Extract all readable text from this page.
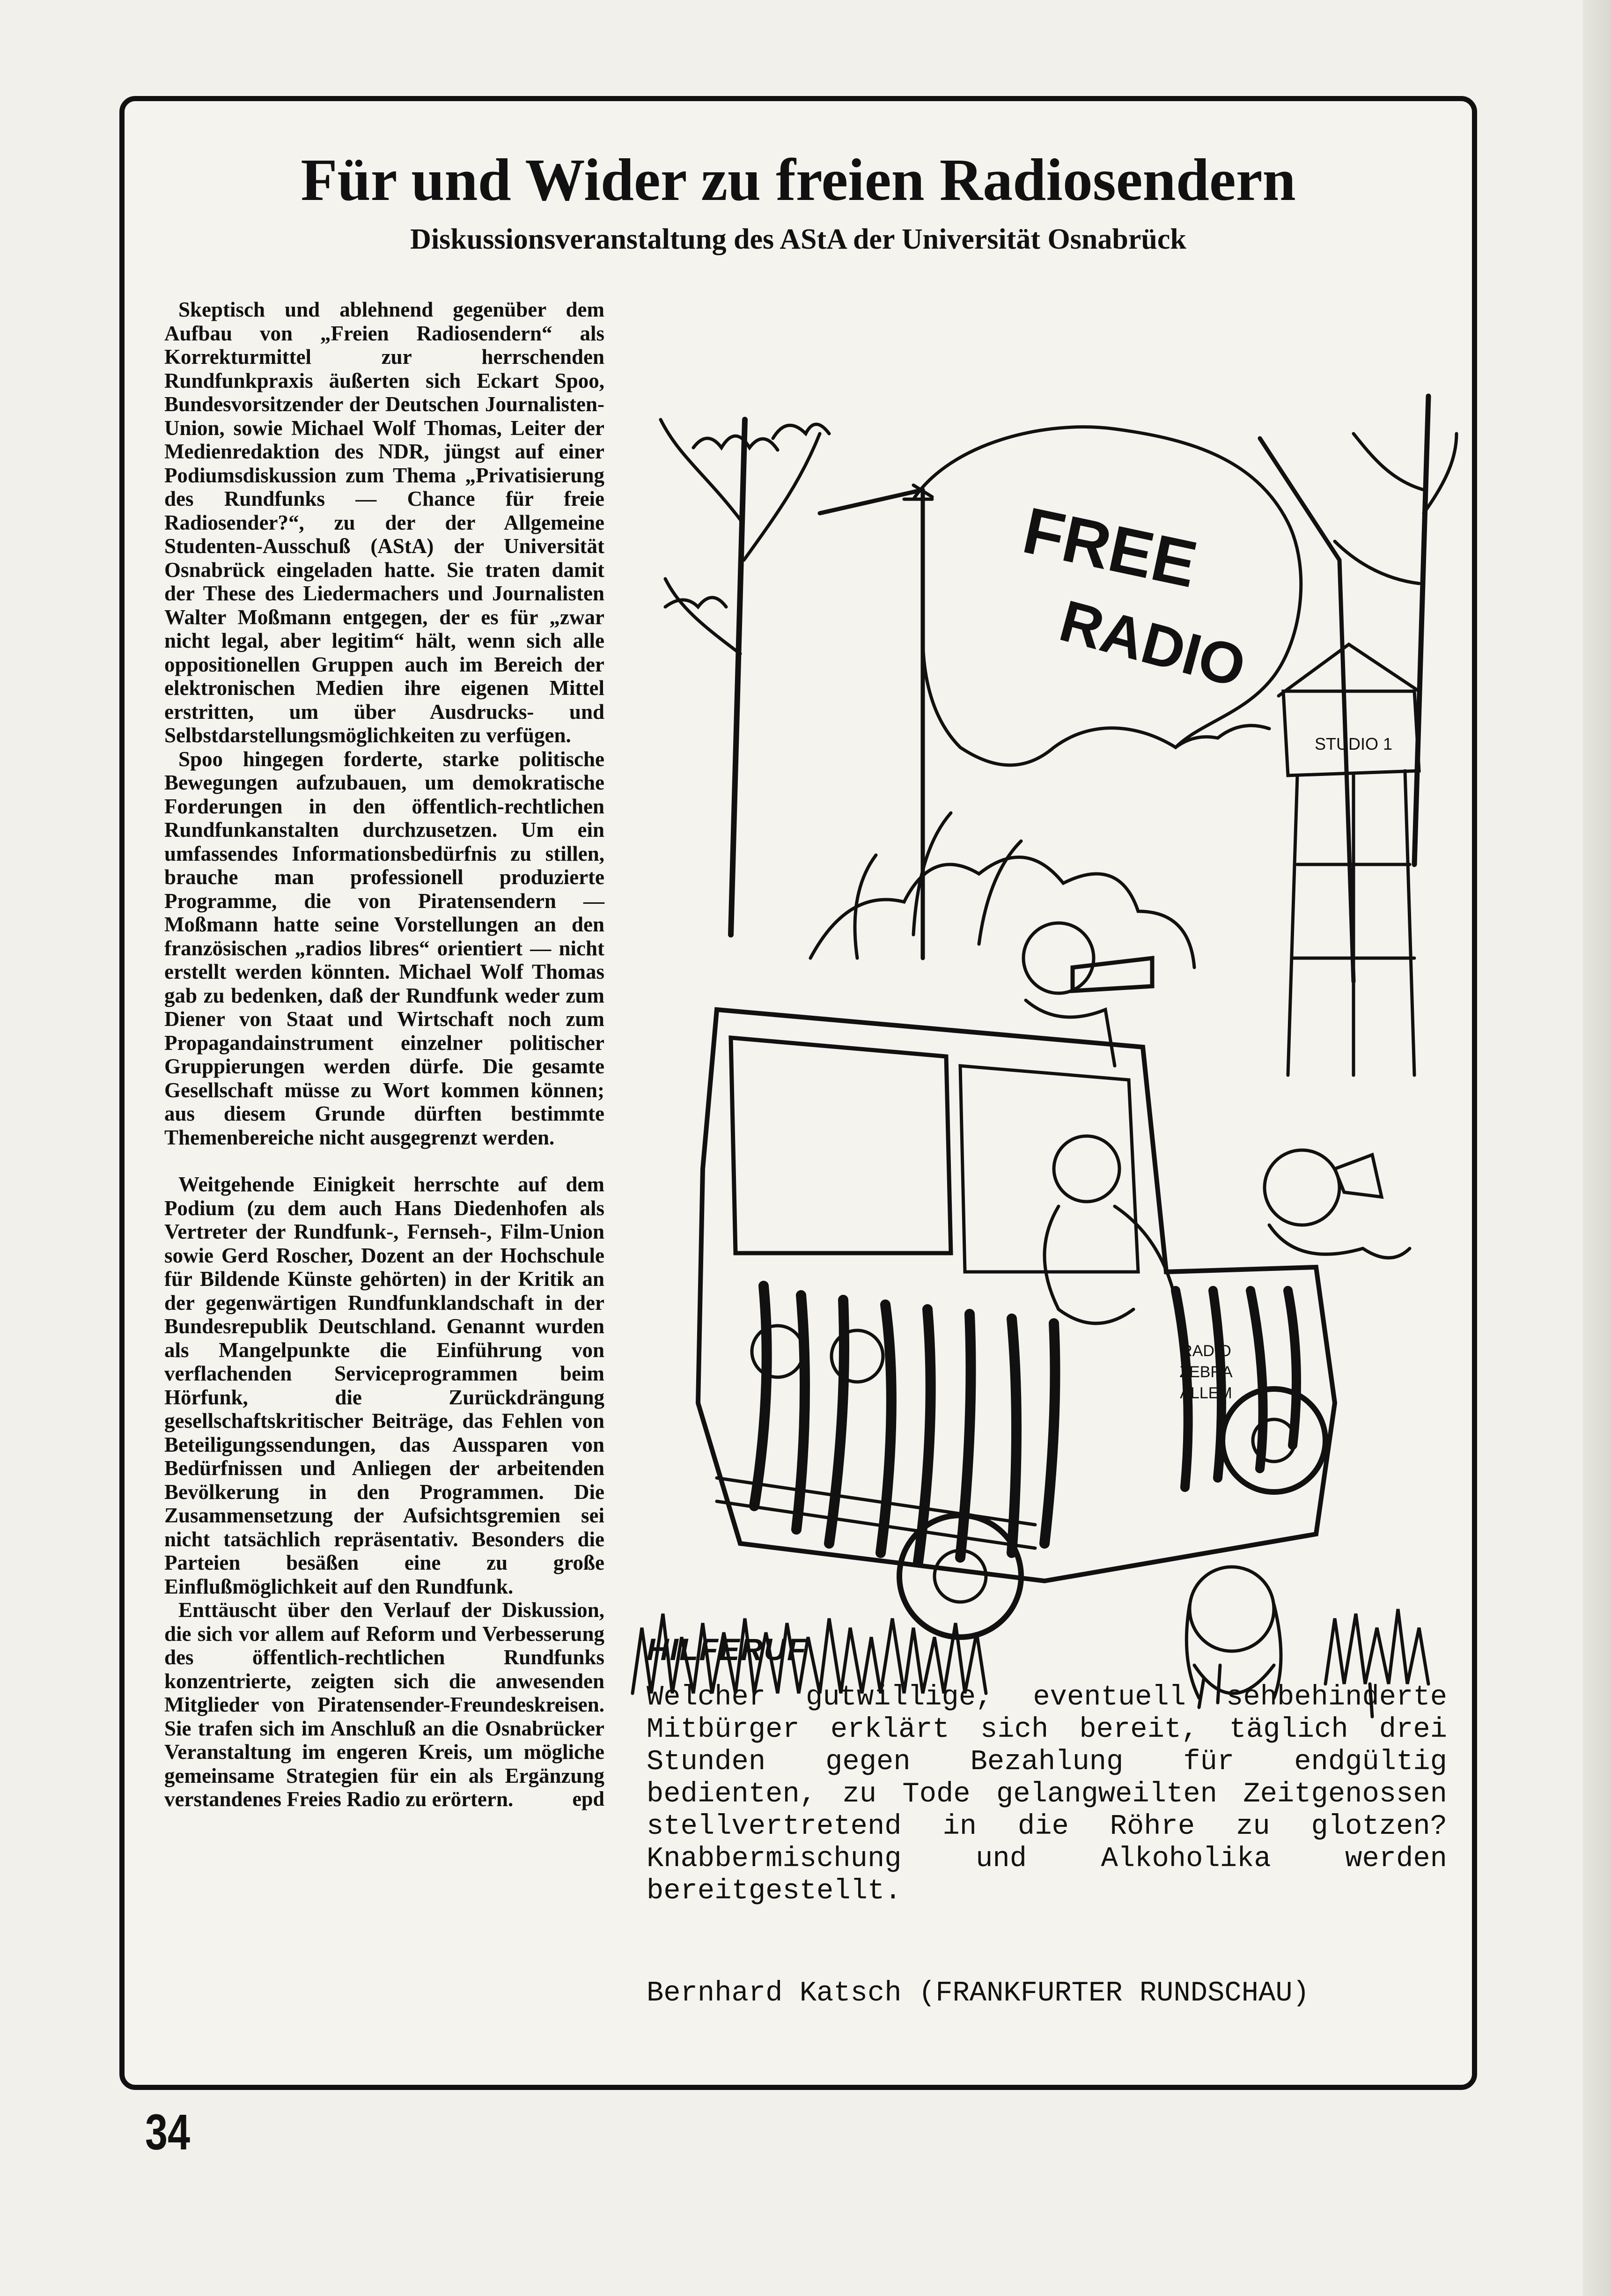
Für und Wider zu freien Radiosendern
Diskussionsveranstaltung des AStA der Universität Osnabrück

Skeptisch und ablehnend gegenüber dem Aufbau von „Freien Radiosendern“ als Korrekturmittel zur herrschenden Rundfunkpraxis äußerten sich Eckart Spoo, Bundesvorsitzender der Deutschen Journalisten-Union, sowie Michael Wolf Thomas, Leiter der Medienredaktion des NDR, jüngst auf einer Podiumsdiskussion zum Thema „Privatisierung des Rundfunks — Chance für freie Radiosender?“, zu der der Allgemeine Studenten-Ausschuß (AStA) der Universität Osnabrück eingeladen hatte. Sie traten damit der These des Liedermachers und Journalisten Walter Moßmann entgegen, der es für „zwar nicht legal, aber legitim“ hält, wenn sich alle oppositionellen Gruppen auch im Bereich der elektronischen Medien ihre eigenen Mittel erstritten, um über Ausdrucks- und Selbstdarstellungsmöglichkeiten zu verfügen.

Spoo hingegen forderte, starke politische Bewegungen aufzubauen, um demokratische Forderungen in den öffentlich-rechtlichen Rundfunkanstalten durchzusetzen. Um ein umfassendes Informationsbedürfnis zu stillen, brauche man professionell produzierte Programme, die von Piratensendern — Moßmann hatte seine Vorstellungen an den französischen „radios libres“ orientiert — nicht erstellt werden könnten. Michael Wolf Thomas gab zu bedenken, daß der Rundfunk weder zum Diener von Staat und Wirtschaft noch zum Propagandainstrument einzelner politischer Gruppierungen werden dürfe. Die gesamte Gesellschaft müsse zu Wort kommen können; aus diesem Grunde dürften bestimmte Themenbereiche nicht ausgegrenzt werden.

Weitgehende Einigkeit herrschte auf dem Podium (zu dem auch Hans Diedenhofen als Vertreter der Rundfunk-, Fernseh-, Film-Union sowie Gerd Roscher, Dozent an der Hochschule für Bildende Künste gehörten) in der Kritik an der gegenwärtigen Rundfunklandschaft in der Bundesrepublik Deutschland. Genannt wurden als Mangelpunkte die Einführung von verflachenden Serviceprogrammen beim Hörfunk, die Zurückdrängung gesellschaftskritischer Beiträge, das Fehlen von Beteiligungssendungen, das Aussparen von Bedürfnissen und Anliegen der arbeitenden Bevölkerung in den Programmen. Die Zusammensetzung der Aufsichtsgremien sei nicht tatsächlich repräsentativ. Besonders die Parteien besäßen eine zu große Einflußmöglichkeit auf den Rundfunk.

Enttäuscht über den Verlauf der Diskussion, die sich vor allem auf Reform und Verbesserung des öffentlich-rechtlichen Rundfunks konzentrierte, zeigten sich die anwesenden Mitglieder von Piratensender-Freundeskreisen. Sie trafen sich im Anschluß an die Osnabrücker Veranstaltung im engeren Kreis, um mögliche gemeinsame Strategien für ein als Ergänzung verstandenes Freies Radio zu erörtern.	epd

FREE
RADIO
STUDIO 1
RADIO
ZEBRA
ALLEM
HILFERUF
Welcher gutwillige, eventuell sehbehinderte Mitbürger erklärt sich bereit, täglich drei Stunden gegen Bezahlung für endgültig bedienten, zu Tode gelangweilten Zeitgenossen stellvertretend in die Röhre zu glotzen? Knabbermischung und Alkoholika werden bereitgestellt.
Bernhard Katsch (FRANKFURTER RUNDSCHAU)
34
